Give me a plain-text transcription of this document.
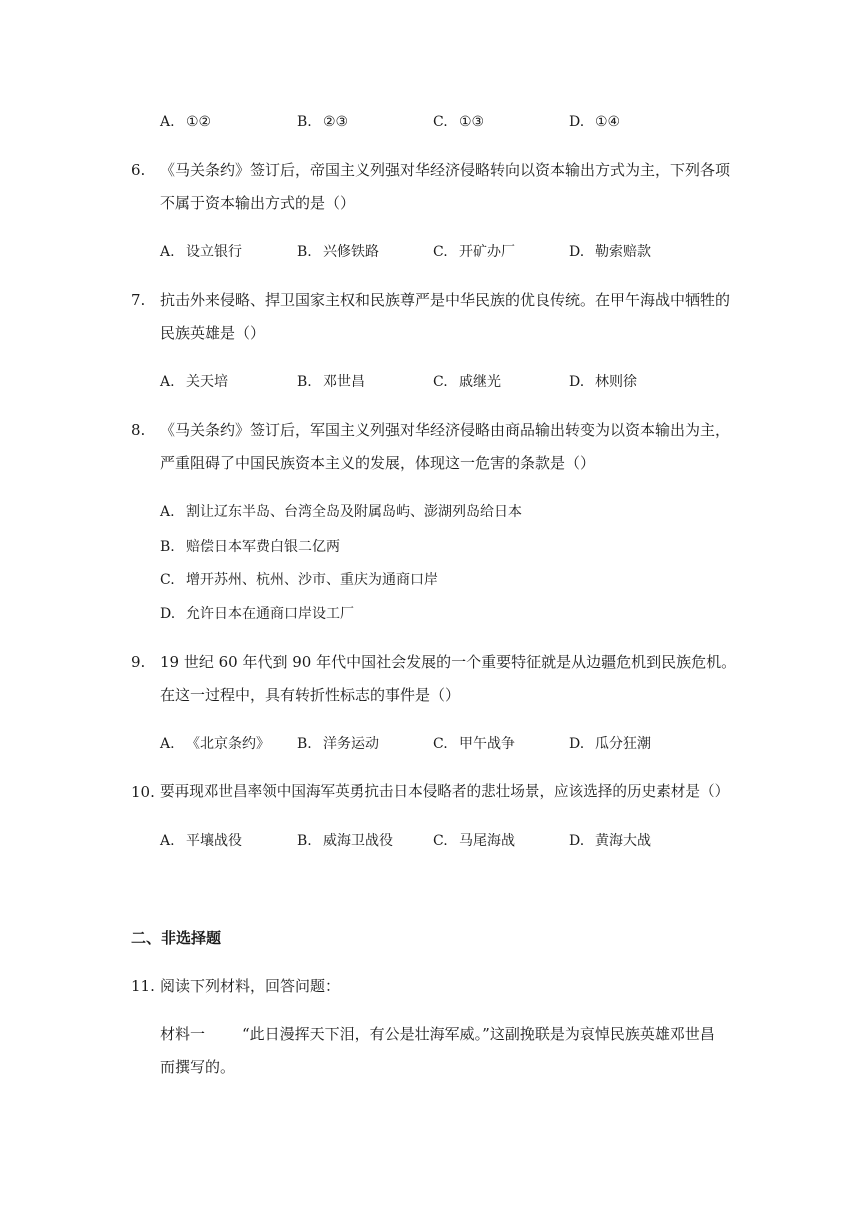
A. ①②	B. ②③	C. ①③	D. ①④
6. 《马关条约》签订后，帝国主义列强对华经济侵略转向以资本输出方式为主，下列各项
不属于资本输出方式的是（）
A. 设立银行	B. 兴修铁路	C. 开矿办厂	D. 勒索赔款
7. 抗击外来侵略、捍卫国家主权和民族尊严是中华民族的优良传统。在甲午海战中牺牲的
民族英雄是（）
A. 关天培	B. 邓世昌	C. 戚继光	D. 林则徐
8. 《马关条约》签订后，军国主义列强对华经济侵略由商品输出转变为以资本输出为主，
严重阻碍了中国民族资本主义的发展，体现这一危害的条款是（）
A. 割让辽东半岛、台湾全岛及附属岛屿、澎湖列岛给日本
B. 赔偿日本军费白银二亿两
C. 增开苏州、杭州、沙市、重庆为通商口岸
D. 允许日本在通商口岸设工厂
9. 19 世纪 60 年代到 90 年代中国社会发展的一个重要特征就是从边疆危机到民族危机。
在这一过程中，具有转折性标志的事件是（）
A. 《北京条约》 B. 洋务运动	C. 甲午战争	D. 瓜分狂潮
10. 要再现邓世昌率领中国海军英勇抗击日本侵略者的悲壮场景，应该选择的历史素材是（）
A. 平壤战役	B. 威海卫战役	C. 马尾海战	D. 黄海大战
二、非选择题
11. 阅读下列材料，回答问题：
材料一 “此日漫挥天下泪，有公是壮海军威。”这副挽联是为哀悼民族英雄邓世昌
而撰写的。
